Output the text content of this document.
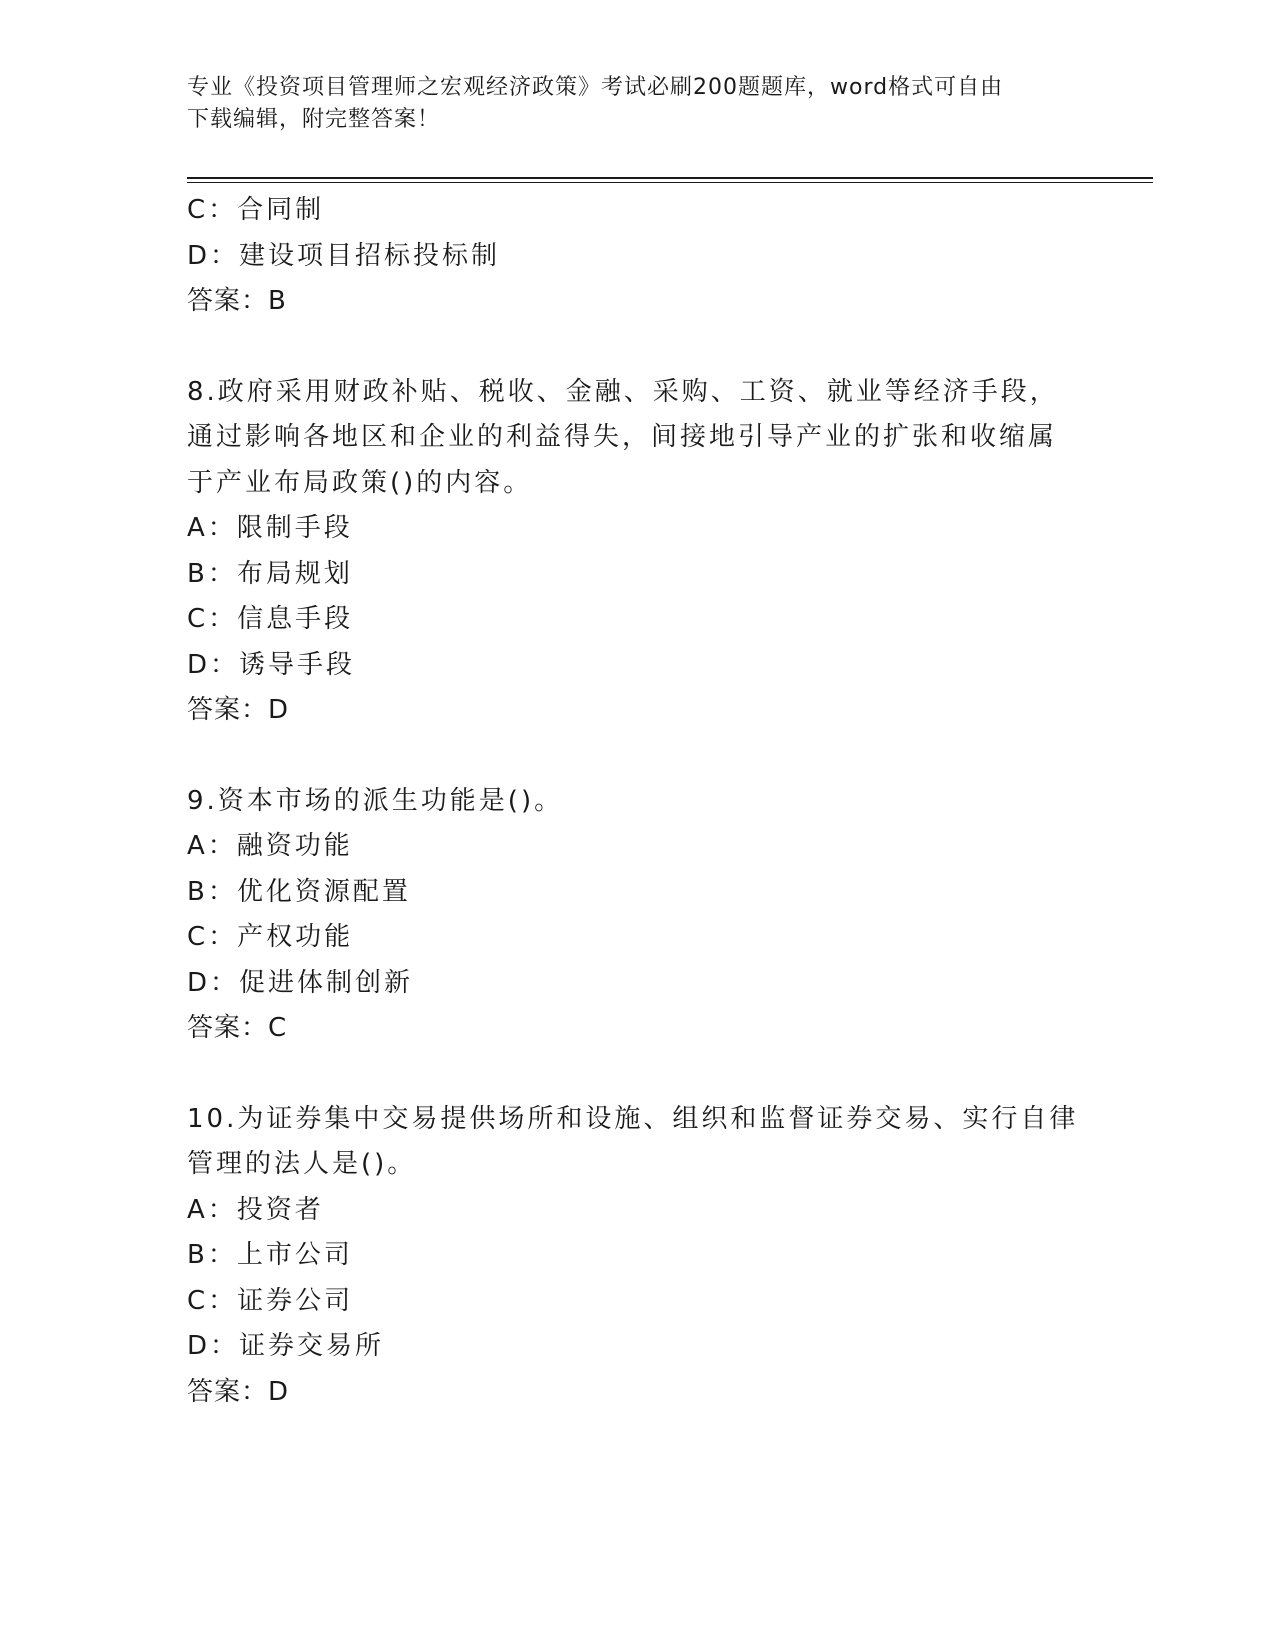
专业《投资项目管理师之宏观经济政策》考试必刷200题题库，word格式可自由
下载编辑，附完整答案！
C：合同制
D：建设项目招标投标制
答案：B
8.政府采用财政补贴、税收、金融、采购、工资、就业等经济手段，
通过影响各地区和企业的利益得失，间接地引导产业的扩张和收缩属
于产业布局政策()的内容。
A：限制手段
B：布局规划
C：信息手段
D：诱导手段
答案：D
9.资本市场的派生功能是()。
A：融资功能
B：优化资源配置
C：产权功能
D：促进体制创新
答案：C
10.为证券集中交易提供场所和设施、组织和监督证券交易、实行自律
管理的法人是()。
A：投资者
B：上市公司
C：证券公司
D：证券交易所
答案：D
